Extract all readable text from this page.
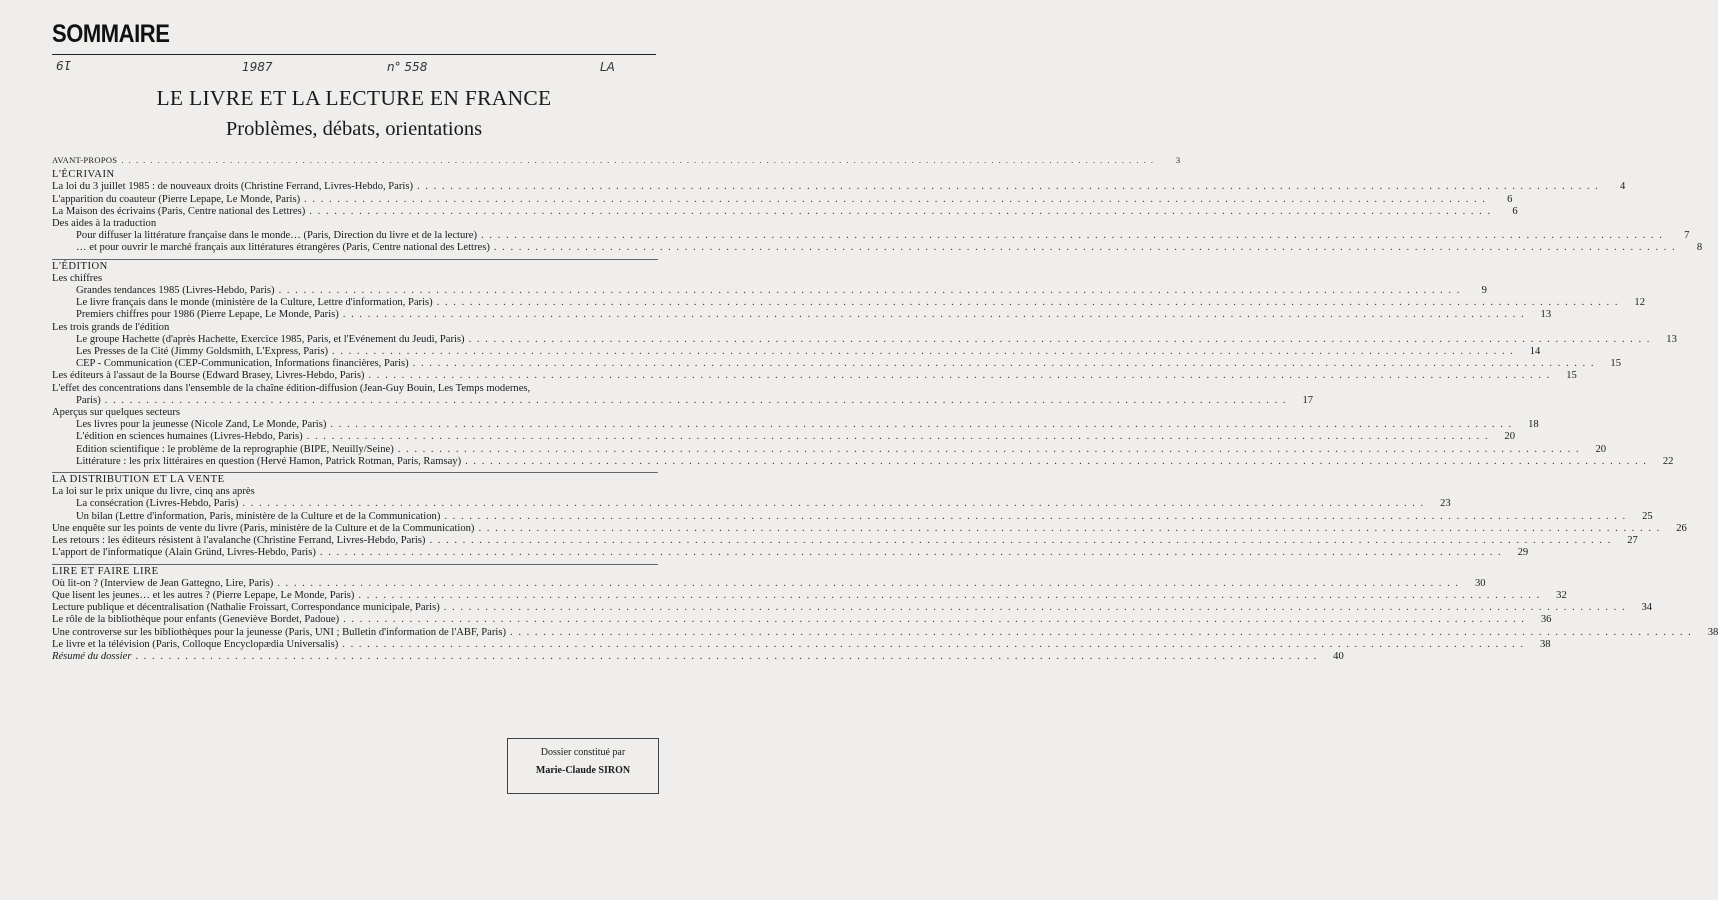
SOMMAIRE
19	1987	n° 558	LA
LE LIVRE ET LA LECTURE EN FRANCE
Problèmes, débats, orientations
AVANT-PROPOS . . .	3
L'ÉCRIVAIN
La loi du 3 juillet 1985 : de nouveaux droits (Christine Ferrand, Livres-Hebdo, Paris) . . .	4
L'apparition du coauteur (Pierre Lepape, Le Monde, Paris) . . .	6
La Maison des écrivains (Paris, Centre national des Lettres) . . .	6
Des aides à la traduction
Pour diffuser la littérature française dans le monde… (Paris, Direction du livre et de la lecture) . . .	7
… et pour ouvrir le marché français aux littératures étrangères (Paris, Centre national des Lettres) . . .	8
L'ÉDITION
Les chiffres
Grandes tendances 1985 (Livres-Hebdo, Paris) . . .	9
Le livre français dans le monde (ministère de la Culture, Lettre d'information, Paris) . . .	12
Premiers chiffres pour 1986 (Pierre Lepape, Le Monde, Paris) . . .	13
Les trois grands de l'édition
Le groupe Hachette (d'après Hachette, Exercice 1985, Paris, et l'Evénement du Jeudi, Paris) . . .	13
Les Presses de la Cité (Jimmy Goldsmith, L'Express, Paris) . . .	14
CEP - Communication (CEP-Communication, Informations financières, Paris) . . .	15
Les éditeurs à l'assaut de la Bourse (Edward Brasey, Livres-Hebdo, Paris) . . .	15
L'effet des concentrations dans l'ensemble de la chaîne édition-diffusion (Jean-Guy Bouin, Les Temps modernes,
Paris) . . .	17
Aperçus sur quelques secteurs
Les livres pour la jeunesse (Nicole Zand, Le Monde, Paris) . . .	18
L'édition en sciences humaines (Livres-Hebdo, Paris) . . .	20
Edition scientifique : le problème de la reprographie (BIPE, Neuilly/Seine) . . .	20
Littérature : les prix littéraires en question (Hervé Hamon, Patrick Rotman, Paris, Ramsay) . . .	22
LA DISTRIBUTION ET LA VENTE
La loi sur le prix unique du livre, cinq ans après
La consécration (Livres-Hebdo, Paris) . . .	23
Un bilan (Lettre d'information, Paris, ministère de la Culture et de la Communication) . . .	25
Une enquête sur les points de vente du livre (Paris, ministère de la Culture et de la Communication) . . .	26
Les retours : les éditeurs résistent à l'avalanche (Christine Ferrand, Livres-Hebdo, Paris) . . .	27
L'apport de l'informatique (Alain Gründ, Livres-Hebdo, Paris) . . .	29
LIRE ET FAIRE LIRE
Où lit-on ? (Interview de Jean Gattegno, Lire, Paris) . . .	30
Que lisent les jeunes… et les autres ? (Pierre Lepape, Le Monde, Paris) . . .	32
Lecture publique et décentralisation (Nathalie Froissart, Correspondance municipale, Paris) . . .	34
Le rôle de la bibliothèque pour enfants (Geneviève Bordet, Padoue) . . .	36
Une controverse sur les bibliothèques pour la jeunesse (Paris, UNI ; Bulletin d'information de l'ABF, Paris) . . .	38
Le livre et la télévision (Paris, Colloque Encyclopædia Universalis) . . .	38
Résumé du dossier . . .	40
Dossier constitué par
Marie-Claude SIRON
